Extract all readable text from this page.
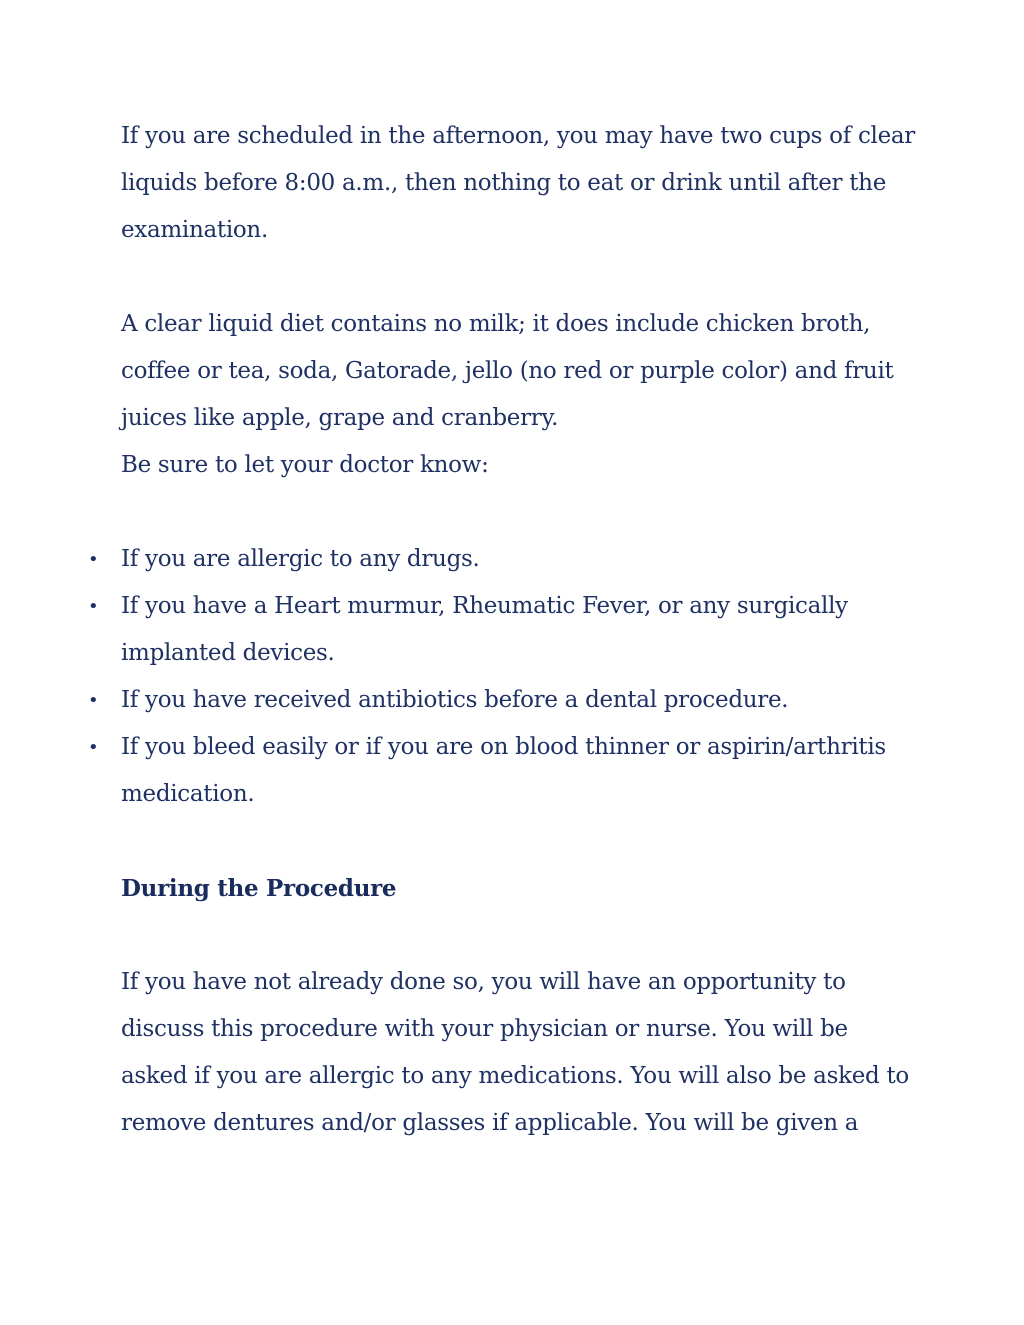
If you are scheduled in the afternoon, you may have two cups of clear liquids before 8:00 a.m., then nothing to eat or drink until after the examination.

A clear liquid diet contains no milk; it does include chicken broth, coffee or tea, soda, Gatorade, jello (no red or purple color) and fruit juices like apple, grape and cranberry.

Be sure to let your doctor know:

• If you are allergic to any drugs.
• If you have a Heart murmur, Rheumatic Fever, or any surgically implanted devices.
• If you have received antibiotics before a dental procedure.
• If you bleed easily or if you are on blood thinner or aspirin/arthritis medication.
During the Procedure

If you have not already done so, you will have an opportunity to discuss this procedure with your physician or nurse. You will be asked if you are allergic to any medications. You will also be asked to remove dentures and/or glasses if applicable. You will be given a
